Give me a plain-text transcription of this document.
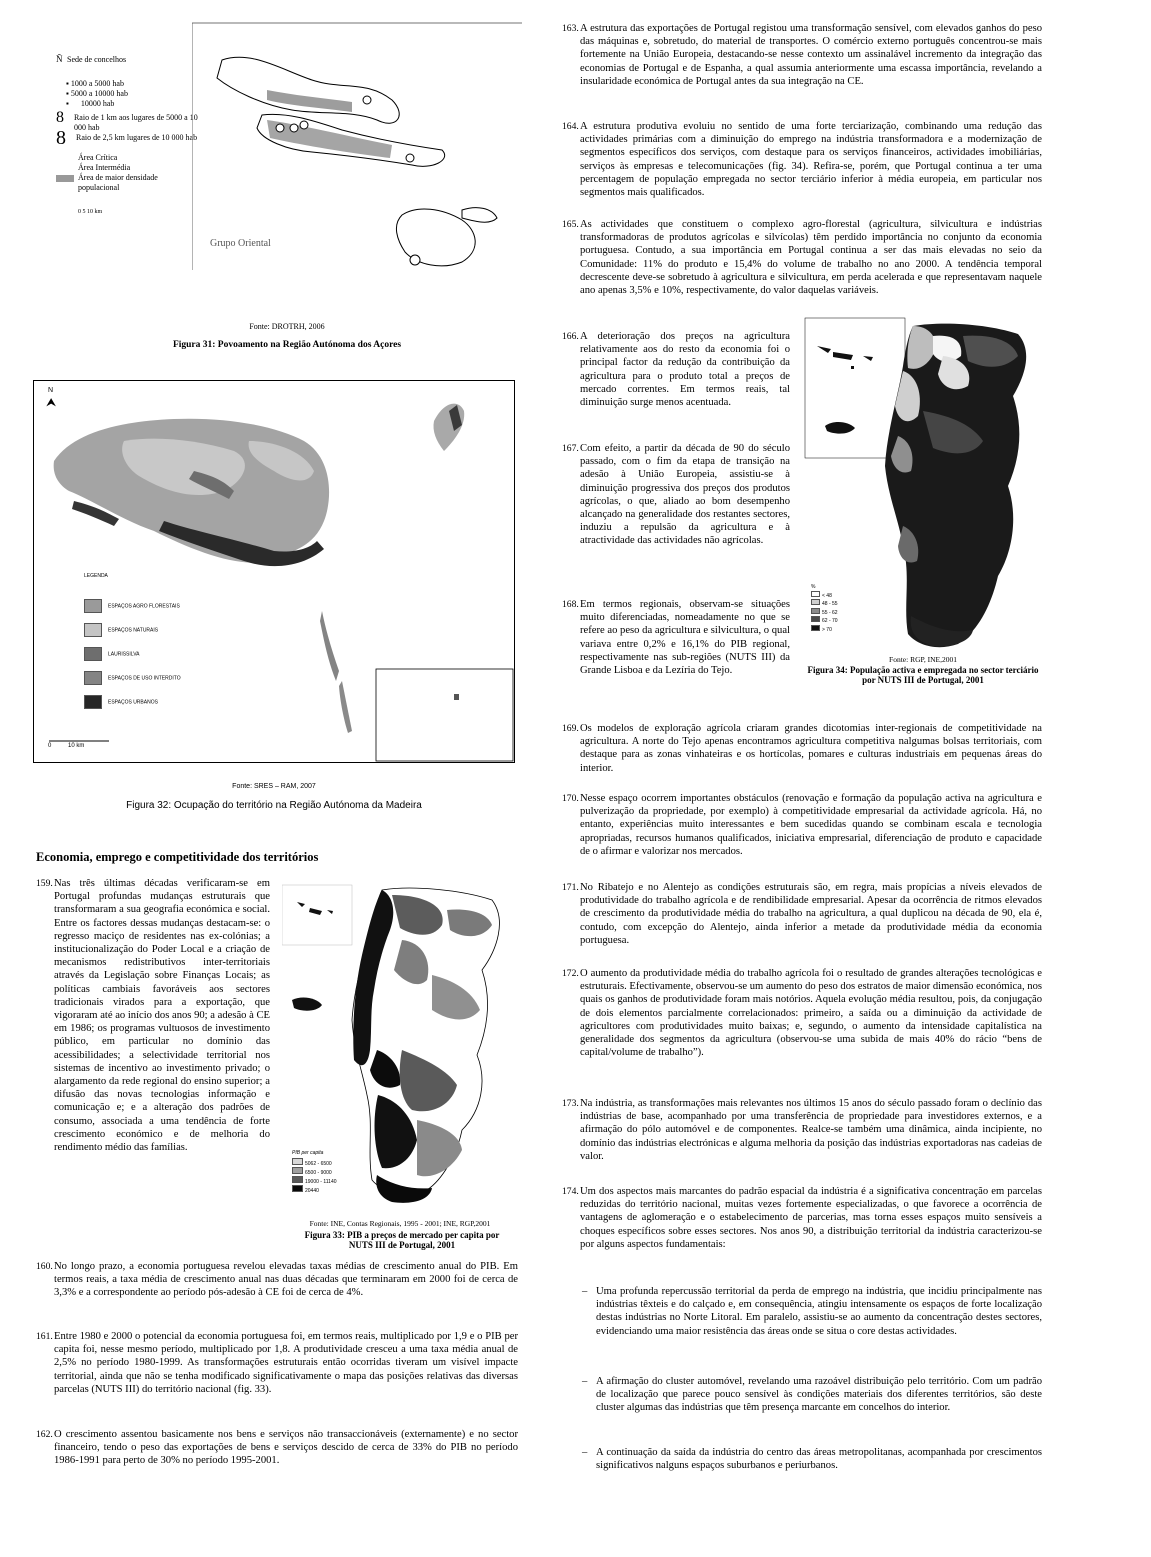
Ñ  Sede de concelhos
▪ 1000 a 5000 hab
▪ 5000 a 10000 hab
▪ 10000 hab
8	Raio de 1 km aos lugares de 5000 a 10 000 hab
8	Raio de 2,5 km lugares de 10 000 hab
Área Crítica
Área Intermédia
Área de maior densidade populacional
0 5 10 km
Grupo Oriental
Fonte: DROTRH, 2006
Figura 31: Povoamento na Região Autónoma dos Açores
N
⮝
LEGENDA
ESPAÇOS AGRO FLORESTAIS
ESPAÇOS NATURAIS
LAURISSILVA
ESPAÇOS DE USO INTERDITO
ESPAÇOS URBANOS
0          10 km
Fonte: SRES – RAM, 2007
Figura 32: Ocupação do território na Região Autónoma da Madeira
Economia, emprego e competitividade dos territórios
159. Nas três últimas décadas verificaram-se em Portugal profundas mudanças estruturais que transformaram a sua geografia económica e social. Entre os factores dessas mudanças destacam-se: o regresso maciço de residentes nas ex-colónias; a institucionalização do Poder Local e a criação de mecanismos redistributivos inter-territoriais através da Legislação sobre Finanças Locais; as políticas cambiais favoráveis aos sectores tradicionais virados para a exportação, que vigoraram até ao início dos anos 90; a adesão à CE em 1986; os programas vultuosos de investimento público, em particular no domínio das acessibilidades; a selectividade territorial nos sistemas de incentivo ao investimento privado; o alargamento da rede regional do ensino superior; a difusão das novas tecnologias informação e comunicação e; e a alteração dos padrões de consumo, associada a uma tendência de forte crescimento económico e de melhoria do rendimento médio das famílias.	PIB per capita
5062 - 6500
6500 - 9000
19000 - 11140
20440
Fonte: INE, Contas Regionais, 1995 - 2001; INE, RGP,2001
Figura 33: PIB a preços de mercado per capita por NUTS III de Portugal, 2001
160. No longo prazo, a economia portuguesa revelou elevadas taxas médias de crescimento anual do PIB. Em termos reais, a taxa média de crescimento anual nas duas décadas que terminaram em 2000 foi de cerca de 3,3% e a correspondente ao período pós-adesão à CE foi de cerca de 4%.
161. Entre 1980 e 2000 o potencial da economia portuguesa foi, em termos reais, multiplicado por 1,9 e o PIB per capita foi, nesse mesmo período, multiplicado por 1,8. A produtividade cresceu a uma taxa média anual de 2,5% no período 1980-1999. As transformações estruturais então ocorridas tiveram um visível impacte territorial, ainda que não se tenha modificado significativamente o mapa das posições relativas das diversas parcelas (NUTS III) do território nacional (fig. 33).
162. O crescimento assentou basicamente nos bens e serviços não transaccionáveis (externamente) e no sector financeiro, tendo o peso das exportações de bens e serviços descido de cerca de 33% do PIB no período 1986-1991 para perto de 30% no período 1995-2001.
163. A estrutura das exportações de Portugal registou uma transformação sensível, com elevados ganhos do peso das máquinas e, sobretudo, do material de transportes. O comércio externo português concentrou-se mais fortemente na União Europeia, destacando-se nesse contexto um assinalável incremento da integração das economias de Portugal e de Espanha, a qual assumia anteriormente uma escassa importância, revelando a insularidade económica de Portugal antes da sua integração na CE.
164. A estrutura produtiva evoluiu no sentido de uma forte terciarização, combinando uma redução das actividades primárias com a diminuição do emprego na indústria transformadora e a modernização de segmentos específicos dos serviços, com destaque para os serviços financeiros, actividades imobiliárias, serviços às empresas e telecomunicações (fig. 34). Refira-se, porém, que Portugal continua a ter uma percentagem de população empregada no sector terciário inferior à média europeia, em particular nos segmentos mais qualificados.
165. As actividades que constituem o complexo agro-florestal (agricultura, silvicultura e indústrias transformadoras de produtos agrícolas e silvícolas) têm perdido importância no conjunto da economia portuguesa. Contudo, a sua importância em Portugal continua a ser das mais elevadas no seio da Comunidade: 11% do produto e 15,4% do volume de trabalho no ano 2000. A tendência temporal decrescente deve-se sobretudo à agricultura e silvicultura, em perda acelerada e que representavam naquele ano apenas 3,5% e 10%, respectivamente, do valor daquelas variáveis.
166. A deterioração dos preços na agricultura relativamente aos do resto da economia foi o principal factor da redução da contribuição da agricultura para o produto total a preços de mercado correntes. Em termos reais, tal diminuição surge menos acentuada.
167. Com efeito, a partir da década de 90 do século passado, com o fim da etapa de transição na adesão à União Europeia, assistiu-se à diminuição progressiva dos preços dos produtos agrícolas, o que, aliado ao bom desempenho alcançado na generalidade dos restantes sectores, induziu a repulsão da agricultura e à atractividade das actividades não agrícolas.
168. Em termos regionais, observam-se situações muito diferenciadas, nomeadamente no que se refere ao peso da agricultura e silvicultura, o qual variava entre 0,2% e 16,1% do PIB regional, respectivamente nas sub-regiões (NUTS III) da Grande Lisboa e da Lezíria do Tejo.
%
< 48
48 - 55
55 - 62
62 - 70
> 70
Fonte: RGP, INE,2001
Figura 34: População activa e empregada no sector terciário por NUTS III de Portugal, 2001
169. Os modelos de exploração agrícola criaram grandes dicotomias inter-regionais de competitividade na agricultura. A norte do Tejo apenas encontramos agricultura competitiva nalgumas bolsas territoriais, com destaque para as zonas vinhateiras e os hortícolas, pomares e culturas industriais em pequenas áreas do interior.
170. Nesse espaço ocorrem importantes obstáculos (renovação e formação da população activa na agricultura e pulverização da propriedade, por exemplo) à competitividade empresarial da actividade agrícola. Há, no entanto, experiências muito interessantes e bem sucedidas quando se combinam escala e tecnologia apropriadas, recursos humanos qualificados, iniciativa empresarial, diferenciação de produto e capacidade de o afirmar e valorizar nos mercados.
171. No Ribatejo e no Alentejo as condições estruturais são, em regra, mais propícias a níveis elevados de produtividade do trabalho agrícola e de rendibilidade empresarial. Apesar da ocorrência de ritmos elevados de crescimento da produtividade média do trabalho na agricultura, a qual duplicou na década de 90, ela é, contudo, com excepção do Alentejo, ainda inferior a metade da produtividade média da economia portuguesa.
172. O aumento da produtividade média do trabalho agrícola foi o resultado de grandes alterações tecnológicas e estruturais. Efectivamente, observou-se um aumento do peso dos estratos de maior dimensão económica, nos quais os ganhos de produtividade foram mais notórios. Aquela evolução média resultou, pois, da conjugação de dois elementos parcialmente correlacionados: primeiro, a saída ou a diminuição da actividade de agricultores com produtividades muito baixas; e, segundo, o aumento da intensidade capitalística na generalidade dos segmentos da agricultura (observou-se uma subida de mais 40% do rácio “bens de capital/volume de trabalho”).
173. Na indústria, as transformações mais relevantes nos últimos 15 anos do século passado foram o declínio das indústrias de base, acompanhado por uma transferência de propriedade para investidores externos, e a afirmação do pólo automóvel e de componentes. Realce-se também uma dinâmica, ainda incipiente, no domínio das indústrias electrónicas e alguma melhoria da posição das indústrias exportadoras nas cadeias de valor.
174. Um dos aspectos mais marcantes do padrão espacial da indústria é a significativa concentração em parcelas reduzidas do território nacional, muitas vezes fortemente especializadas, o que favorece a ocorrência de vantagens de aglomeração e o estabelecimento de parcerias, mas torna esses espaços muito sensíveis a choques específicos sobre esses sectores. Nos anos 90, a distribuição territorial da indústria caracterizou-se por alguns aspectos fundamentais:
– Uma profunda repercussão territorial da perda de emprego na indústria, que incidiu principalmente nas indústrias têxteis e do calçado e, em consequência, atingiu intensamente os espaços de forte localização destas indústrias no Norte Litoral. Em paralelo, assistiu-se ao aumento da concentração destes sectores, evidenciando uma maior resistência das áreas onde se situa o core destas actividades.
– A afirmação do cluster automóvel, revelando uma razoável distribuição pelo território. Com um padrão de localização que parece pouco sensível às condições materiais dos diferentes territórios, são deste cluster algumas das indústrias que têm presença marcante em concelhos do interior.
– A continuação da saída da indústria do centro das áreas metropolitanas, acompanhada por crescimentos significativos nalguns espaços suburbanos e periurbanos.
